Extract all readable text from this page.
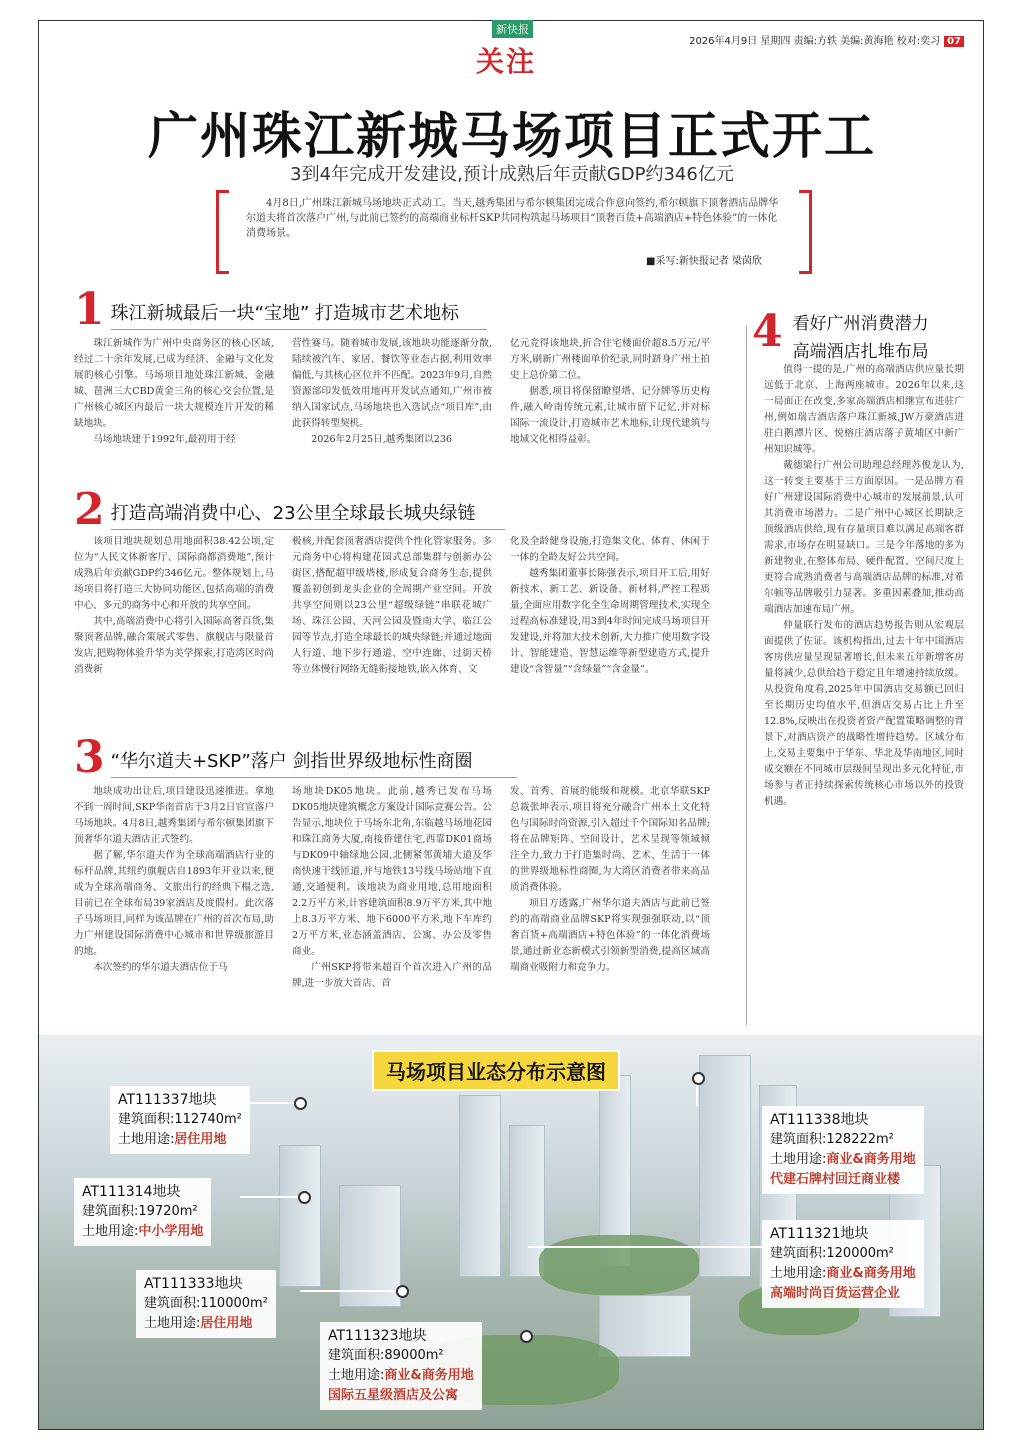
新快报
关注
2026年4月9日 星期四 责编:方轶 美编:黄海艳 校对:奕习 07
广州珠江新城马场项目正式开工
3到4年完成开发建设,预计成熟后年贡献GDP约346亿元
4月8日,广州珠江新城马场地块正式动工。当天,越秀集团与希尔顿集团完成合作意向签约,希尔顿旗下顶奢酒店品牌华尔道夫将首次落户广州,与此前已签约的高端商业标杆SKP共同构筑起马场项目“顶奢百货+高端酒店+特色体验”的一体化消费场景。
■采写:新快报记者 梁茵欣
1 珠江新城最后一块“宝地” 打造城市艺术地标

珠江新城作为广州中央商务区的核心区域,经过二十余年发展,已成为经济、金融与文化发展的核心引擎。马场项目地处珠江新城、金融城、琶洲三大CBD黄金三角的核心交会位置,是广州核心城区内最后一块大规模连片开发的稀缺地块。

马场地块建于1992年,最初用于经

营性赛马。随着城市发展,该地块功能逐渐分散,陆续被汽车、家居、餐饮等业态占据,利用效率偏低,与其核心区位并不匹配。2023年9月,自然资源部印发低效用地再开发试点通知,广州市被纳入国家试点,马场地块也入选试点“项目库”,由此获得转型契机。

2026年2月25日,越秀集团以236

亿元竞得该地块,折合住宅楼面价超8.5万元/平方米,刷新广州楼面单价纪录,同时跻身广州土拍史上总价第二位。

据悉,项目将保留瞭望塔、记分牌等历史构件,融入岭南传统元素,让城市留下记忆,并对标国际一流设计,打造城市艺术地标,让现代建筑与地域文化相得益彰。

2 打造高端消费中心、23公里全球最长城央绿链

该项目地块规划总用地面积38.42公顷,定位为“人民文体新客厅、国际商都消费地”,预计成熟后年贡献GDP约346亿元。整体规划上,马场项目将打造三大协同功能区,包括高端的消费中心、多元的商务中心和开放的共享空间。

其中,高端消费中心将引入国际高奢百货,集聚顶奢品牌,融合策展式零售、旗舰店与限量首发店,把购物体验升华为美学探索,打造湾区时尚消费新

极核,并配套顶奢酒店提供个性化管家服务。多元商务中心将构建花园式总部集群与创新办公街区,搭配超甲级塔楼,形成复合商务生态,提供覆盖初创到龙头企业的全周期产业空间。开放共享空间则以23公里“超级绿链”串联花城广场、珠江公园、天河公园及暨南大学、临江公园等节点,打造全球最长的城央绿链;并通过地面人行道、地下步行通道、空中连廊、过街天桥等立体慢行网络无缝衔接地铁,嵌入体育、文

化及全龄健身设施,打造集文化、体育、休闲于一体的全龄友好公共空间。

越秀集团董事长陈强表示,项目开工后,用好新技术、新工艺、新设备、新材料,严控工程质量,全面应用数字化全生命周期管理技术,实现全过程高标准建设,用3到4年时间完成马场项目开发建设,并将加大技术创新,大力推广使用数字设计、智能建造、智慧运维等新型建造方式,提升建设“含智量”“含绿量”“含金量”。

3 “华尔道夫+SKP”落户 剑指世界级地标性商圈

地块成功出让后,项目建设迅速推进。拿地不到一周时间,SKP华南首店于3月2日官宣落户马场地块。4月8日,越秀集团与希尔顿集团旗下顶奢华尔道夫酒店正式签约。

据了解,华尔道夫作为全球高端酒店行业的标杆品牌,其纽约旗舰店自1893年开业以来,便成为全球高端商务、文旅出行的经典下榻之选,目前已在全球布局39家酒店及度假村。此次落子马场项目,同样为该品牌在广州的首次布局,助力广州建设国际消费中心城市和世界级旅游目的地。

本次签约的华尔道夫酒店位于马

场地块DK05地块。此前,越秀已发布马场DK05地块建筑概念方案设计国际竞赛公告。公告显示,地块位于马场东北角,东临越马场地花园和珠江商务大厦,南接侨建住宅,西靠DK01商场与DK09中轴绿地公园,北侧紧邻黄埔大道及华南快速干线匝道,并与地铁13号线马场站地下直通,交通便利。该地块为商业用地,总用地面积2.2万平方米,计容建筑面积8.9万平方米,其中地上8.3万平方米、地下6000平方米,地下车库约2万平方米,业态涵盖酒店、公寓、办公及零售商业。

广州SKP将带来超百个首次进入广州的品牌,进一步放大首店、首

发、首秀、首展的能级和规模。北京华联SKP总裁张坤表示,项目将充分融合广州本土文化特色与国际时尚资源,引入超过千个国际知名品牌;将在品牌矩阵、空间设计、艺术呈现等领域倾注全力,致力于打造集时尚、艺术、生活于一体的世界级地标性商圈,为大湾区消费者带来高品质消费体验。

项目方透露,广州华尔道夫酒店与此前已签约的高端商业品牌SKP将实现强强联动,以“顶奢百货+高端酒店+特色体验”的一体化消费场景,通过新业态新模式引领新型消费,提高区域高端商业吸附力和竞争力。

4 看好广州消费潜力
高端酒店扎堆布局

值得一提的是,广州的高端酒店供应量长期远低于北京、上海两座城市。2026年以来,这一局面正在改变,多家高端酒店相继宣布进驻广州,例如瑞吉酒店落户珠江新城,JW万豪酒店进驻白鹅潭片区、悦榕庄酒店落子黄埔区中新广州知识城等。

戴德梁行广州公司助理总经理苏俊龙认为,这一转变主要基于三方面原因。一是品牌方看好广州建设国际消费中心城市的发展前景,认可其消费市场潜力。二是广州中心城区长期缺乏顶级酒店供给,现有存量项目难以满足高端客群需求,市场存在明显缺口。三是今年落地的多为新建物业,在整体布局、硬件配置、空间尺度上更符合成熟消费者与高端酒店品牌的标准,对希尔顿等品牌吸引力显著。多重因素叠加,推动高端酒店加速布局广州。

仲量联行发布的酒店趋势报告则从宏观层面提供了佐证。该机构指出,过去十年中国酒店客房供应量呈现显著增长,但未来五年新增客房量将减少,总供给趋于稳定且年增速持续放缓。从投资角度看,2025年中国酒店交易额已回归至长期历史均值水平,但酒店交易占比上升至12.8%,反映出在投资者资产配置策略调整的背景下,对酒店资产的战略性增持趋势。区域分布上,交易主要集中于华东、华北及华南地区,同时成交额在不同城市层级间呈现出多元化特征,市场参与者正持续探索传统核心市场以外的投资机遇。

马场项目业态分布示意图
AT111337地块
建筑面积:112740m²
土地用途:居住用地
AT111314地块
建筑面积:19720m²
土地用途:中小学用地
AT111333地块
建筑面积:110000m²
土地用途:居住用地
AT111323地块
建筑面积:89000m²
土地用途:商业&商务用地
国际五星级酒店及公寓
AT111338地块
建筑面积:128222m²
土地用途:商业&商务用地
代建石牌村回迁商业楼
AT111321地块
建筑面积:120000m²
土地用途:商业&商务用地
高端时尚百货运营企业
